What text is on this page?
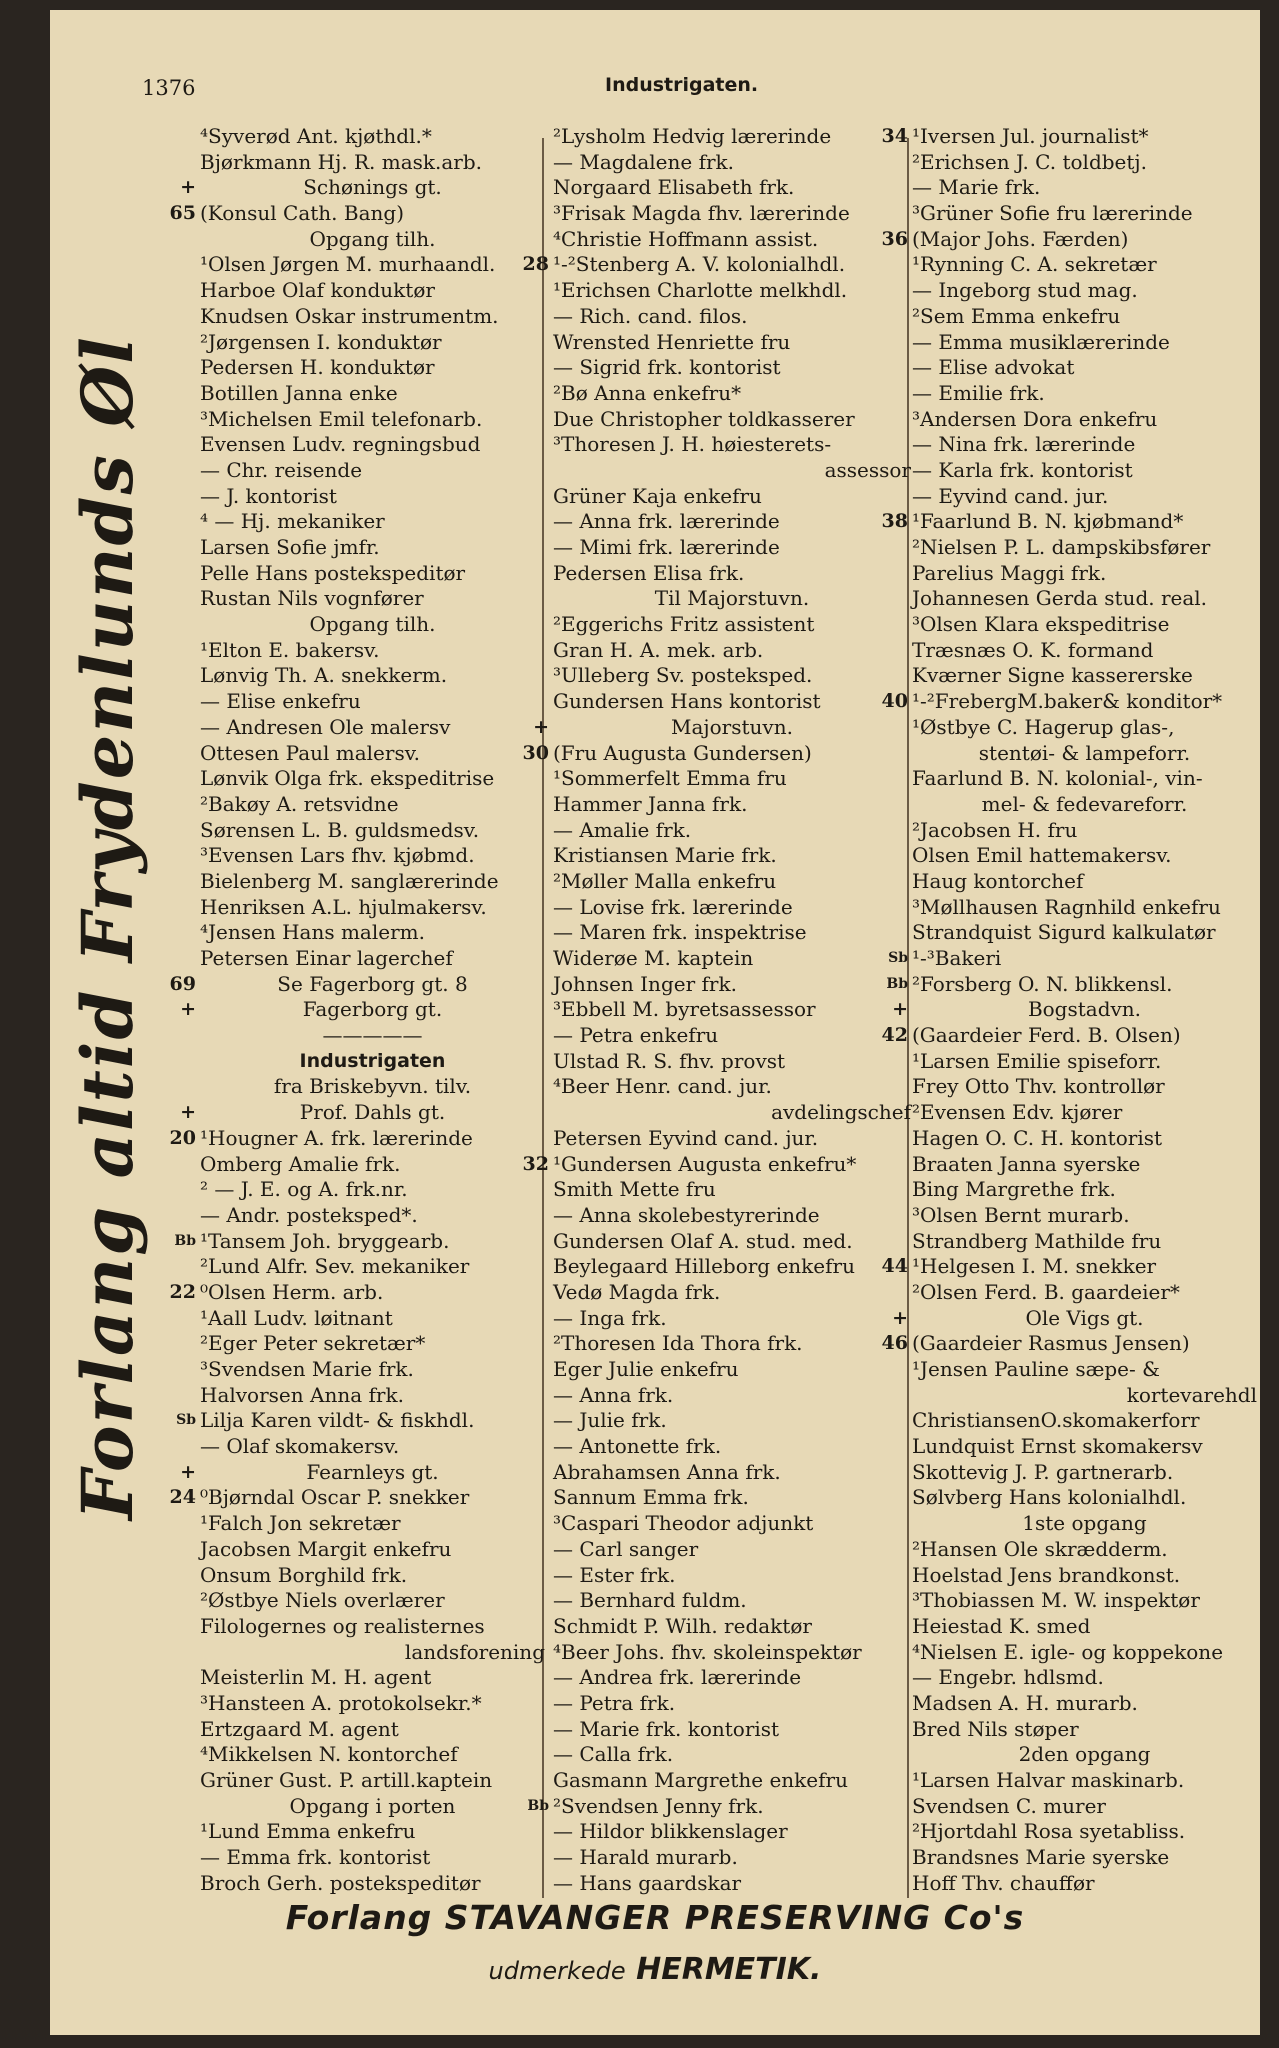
1376	Industrigaten.
Forlang altid Frydenlunds Øl
⁴Syverød Ant. kjøthdl.*
Bjørkmann Hj. R. mask.arb.
+	Schønings gt.
65 (Konsul Cath. Bang)
Opgang tilh.
¹Olsen Jørgen M. murhaandl.
Harboe Olaf konduktør
Knudsen Oskar instrumentm.
²Jørgensen I. konduktør
Pedersen H. konduktør
Botillen Janna enke
³Michelsen Emil telefonarb.
Evensen Ludv. regningsbud
— Chr. reisende
— J. kontorist
⁴ — Hj. mekaniker
Larsen Sofie jmfr.
Pelle Hans postekspeditør
Rustan Nils vognfører
Opgang tilh.
¹Elton E. bakersv.
Lønvig Th. A. snekkerm.
— Elise enkefru
— Andresen Ole malersv
Ottesen Paul malersv.
Lønvik Olga frk. ekspeditrise
²Bakøy A. retsvidne
Sørensen L. B. guldsmedsv.
³Evensen Lars fhv. kjøbmd.
Bielenberg M. sanglærerinde
Henriksen A.L. hjulmakersv.
⁴Jensen Hans malerm.
Petersen Einar lagerchef
69	Se Fagerborg gt. 8
+	Fagerborg gt.
—————
Industrigaten
fra Briskebyvn. tilv.
+	Prof. Dahls gt.
20 ¹Hougner A. frk. lærerinde
Omberg Amalie frk.
² — J. E. og A. frk.nr.
— Andr. posteksped*.
Bb ¹Tansem Joh. bryggearb.
²Lund Alfr. Sev. mekaniker
22 ⁰Olsen Herm. arb.
¹Aall Ludv. løitnant
²Eger Peter sekretær*
³Svendsen Marie frk.
Halvorsen Anna frk.
Sb Lilja Karen vildt- & fiskhdl.
— Olaf skomakersv.
+	Fearnleys gt.
24 ⁰Bjørndal Oscar P. snekker
¹Falch Jon sekretær
Jacobsen Margit enkefru
Onsum Borghild frk.
²Østbye Niels overlærer
Filologernes og realisternes
landsforening
Meisterlin M. H. agent
³Hansteen A. protokolsekr.*
Ertzgaard M. agent
⁴Mikkelsen N. kontorchef
Grüner Gust. P. artill.kaptein
Opgang i porten
¹Lund Emma enkefru
— Emma frk. kontorist
Broch Gerh. postekspeditør
²Lysholm Hedvig lærerinde
— Magdalene frk.
Norgaard Elisabeth frk.
³Frisak Magda fhv. lærerinde
⁴Christie Hoffmann assist.
28 ¹-²Stenberg A. V. kolonialhdl.
¹Erichsen Charlotte melkhdl.
— Rich. cand. filos.
Wrensted Henriette fru
— Sigrid frk. kontorist
²Bø Anna enkefru*
Due Christopher toldkasserer
³Thoresen J. H. høiesterets-
assessor
Grüner Kaja enkefru
— Anna frk. lærerinde
— Mimi frk. lærerinde
Pedersen Elisa frk.
Til Majorstuvn.
²Eggerichs Fritz assistent
Gran H. A. mek. arb.
³Ulleberg Sv. posteksped.
Gundersen Hans kontorist
+	Majorstuvn.
30 (Fru Augusta Gundersen)
¹Sommerfelt Emma fru
Hammer Janna frk.
— Amalie frk.
Kristiansen Marie frk.
²Møller Malla enkefru
— Lovise frk. lærerinde
— Maren frk. inspektrise
Widerøe M. kaptein
Johnsen Inger frk.
³Ebbell M. byretsassessor
— Petra enkefru
Ulstad R. S. fhv. provst
⁴Beer Henr. cand. jur.
avdelingschef
Petersen Eyvind cand. jur.
32 ¹Gundersen Augusta enkefru*
Smith Mette fru
— Anna skolebestyrerinde
Gundersen Olaf A. stud. med.
Beylegaard Hilleborg enkefru
Vedø Magda frk.
— Inga frk.
²Thoresen Ida Thora frk.
Eger Julie enkefru
— Anna frk.
— Julie frk.
— Antonette frk.
Abrahamsen Anna frk.
Sannum Emma frk.
³Caspari Theodor adjunkt
— Carl sanger
— Ester frk.
— Bernhard fuldm.
Schmidt P. Wilh. redaktør
⁴Beer Johs. fhv. skoleinspektør
— Andrea frk. lærerinde
— Petra frk.
— Marie frk. kontorist
— Calla frk.
Gasmann Margrethe enkefru
Bb ²Svendsen Jenny frk.
— Hildor blikkenslager
— Harald murarb.
— Hans gaardskar
34 ¹Iversen Jul. journalist*
²Erichsen J. C. toldbetj.
— Marie frk.
³Grüner Sofie fru lærerinde
36 (Major Johs. Færden)
¹Rynning C. A. sekretær
— Ingeborg stud mag.
²Sem Emma enkefru
— Emma musiklærerinde
— Elise advokat
— Emilie frk.
³Andersen Dora enkefru
— Nina frk. lærerinde
— Karla frk. kontorist
— Eyvind cand. jur.
38 ¹Faarlund B. N. kjøbmand*
²Nielsen P. L. dampskibsfører
Parelius Maggi frk.
Johannesen Gerda stud. real.
³Olsen Klara ekspeditrise
Træsnæs O. K. formand
Kværner Signe kassererske
40 ¹-²FrebergM.baker& konditor*
¹Østbye C. Hagerup glas-,
stentøi- & lampeforr.
Faarlund B. N. kolonial-, vin-
mel- & fedevareforr.
²Jacobsen H. fru
Olsen Emil hattemakersv.
Haug kontorchef
³Møllhausen Ragnhild enkefru
Strandquist Sigurd kalkulatør
Sb ¹-³Bakeri
Bb ²Forsberg O. N. blikkensl.
+	Bogstadvn.
42 (Gaardeier Ferd. B. Olsen)
¹Larsen Emilie spiseforr.
Frey Otto Thv. kontrollør
²Evensen Edv. kjører
Hagen O. C. H. kontorist
Braaten Janna syerske
Bing Margrethe frk.
³Olsen Bernt murarb.
Strandberg Mathilde fru
44 ¹Helgesen I. M. snekker
²Olsen Ferd. B. gaardeier*
+	Ole Vigs gt.
46 (Gaardeier Rasmus Jensen)
¹Jensen Pauline sæpe- &
kortevarehdl
ChristiansenO.skomakerforr
Lundquist Ernst skomakersv
Skottevig J. P. gartnerarb.
Sølvberg Hans kolonialhdl.
1ste opgang
²Hansen Ole skrædderm.
Hoelstad Jens brandkonst.
³Thobiassen M. W. inspektør
Heiestad K. smed
⁴Nielsen E. igle- og koppekone
— Engebr. hdlsmd.
Madsen A. H. murarb.
Bred Nils støper
2den opgang
¹Larsen Halvar maskinarb.
Svendsen C. murer
²Hjortdahl Rosa syetabliss.
Brandsnes Marie syerske
Hoff Thv. chauffør
Forlang STAVANGER PRESERVING Co's
udmerkede HERMETIK.
